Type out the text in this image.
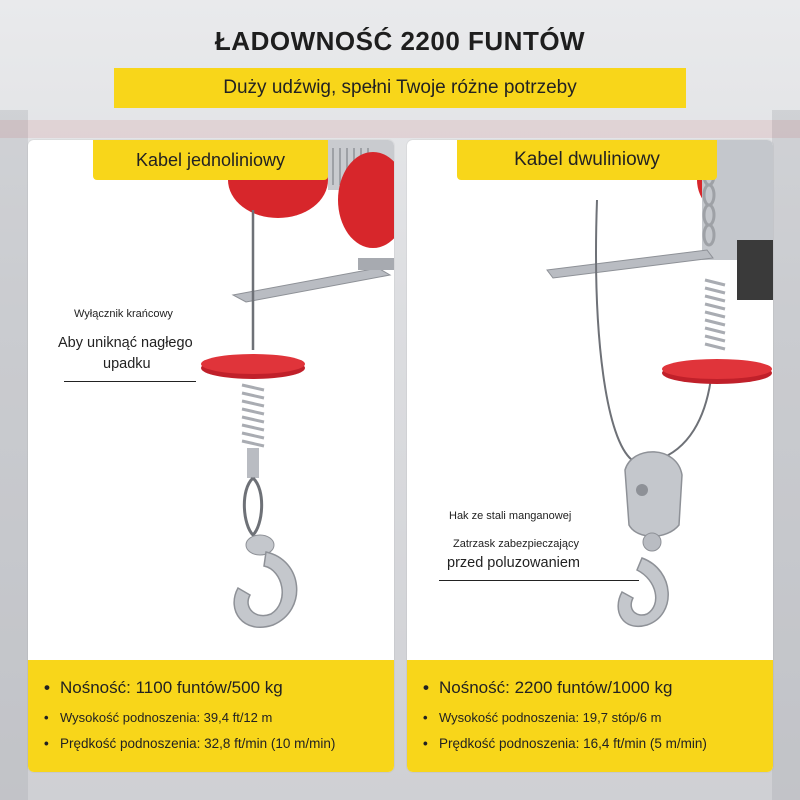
ŁADOWNOŚĆ 2200 FUNTÓW
Duży udźwig, spełni Twoje różne potrzeby
Kabel jednoliniowy
Wyłącznik krańcowy
Aby uniknąć nagłego
upadku
• Nośność: 1100 funtów/500 kg
• Wysokość podnoszenia: 39,4 ft/12 m
• Prędkość podnoszenia: 32,8 ft/min (10 m/min)
Kabel dwuliniowy
Hak ze stali manganowej
Zatrzask zabezpieczający
przed poluzowaniem
• Nośność: 2200 funtów/1000 kg
• Wysokość podnoszenia: 19,7 stóp/6 m
• Prędkość podnoszenia: 16,4 ft/min (5 m/min)
